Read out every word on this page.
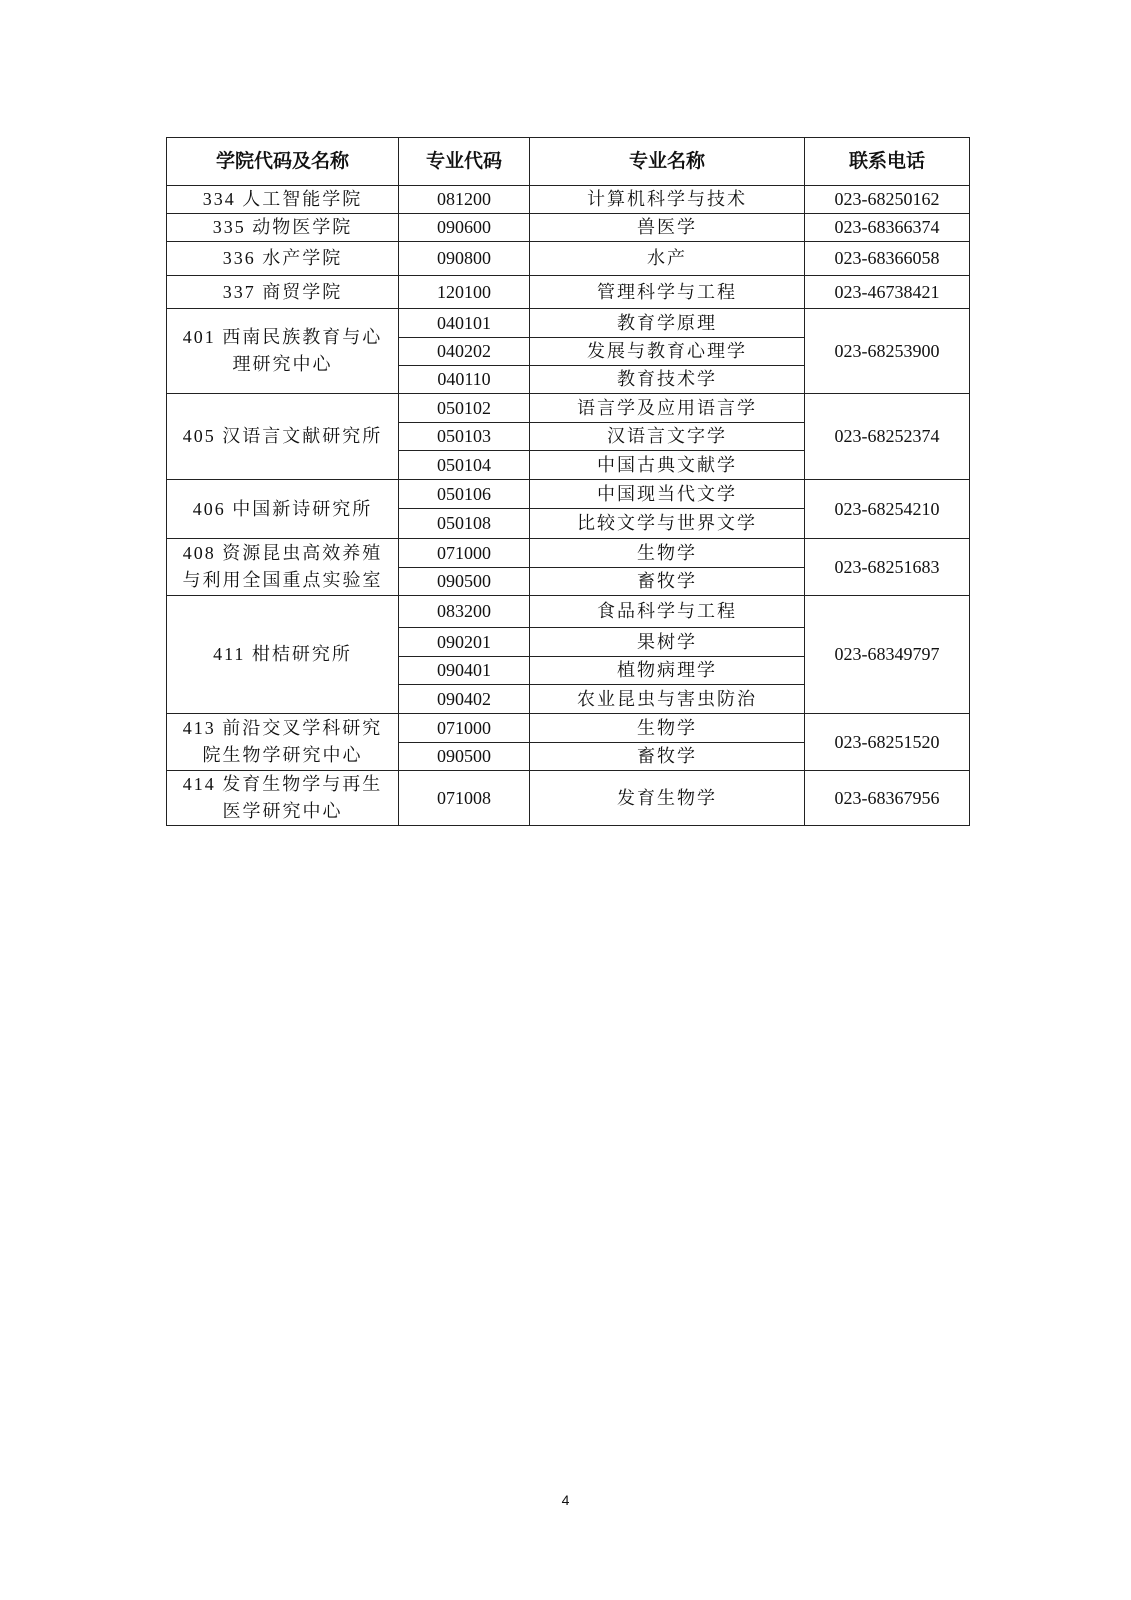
学院代码及名称	专业代码	专业名称	联系电话
334 人工智能学院	081200	计算机科学与技术	023-68250162
335 动物医学院	090600	兽医学	023-68366374
336 水产学院	090800	水产	023-68366058
337 商贸学院	120100	管理科学与工程	023-46738421
401 西南民族教育与心理研究中心	040101	教育学原理	023-68253900
	040202	发展与教育心理学	
	040110	教育技术学	
405 汉语言文献研究所	050102	语言学及应用语言学	023-68252374
	050103	汉语言文字学	
	050104	中国古典文献学	
406 中国新诗研究所	050106	中国现当代文学	023-68254210
	050108	比较文学与世界文学	
408 资源昆虫高效养殖与利用全国重点实验室	071000	生物学	023-68251683
	090500	畜牧学	
411 柑桔研究所	083200	食品科学与工程	023-68349797
	090201	果树学	
	090401	植物病理学	
	090402	农业昆虫与害虫防治	
413 前沿交叉学科研究院生物学研究中心	071000	生物学	023-68251520
	090500	畜牧学	
414 发育生物学与再生医学研究中心	071008	发育生物学	023-68367956
4
